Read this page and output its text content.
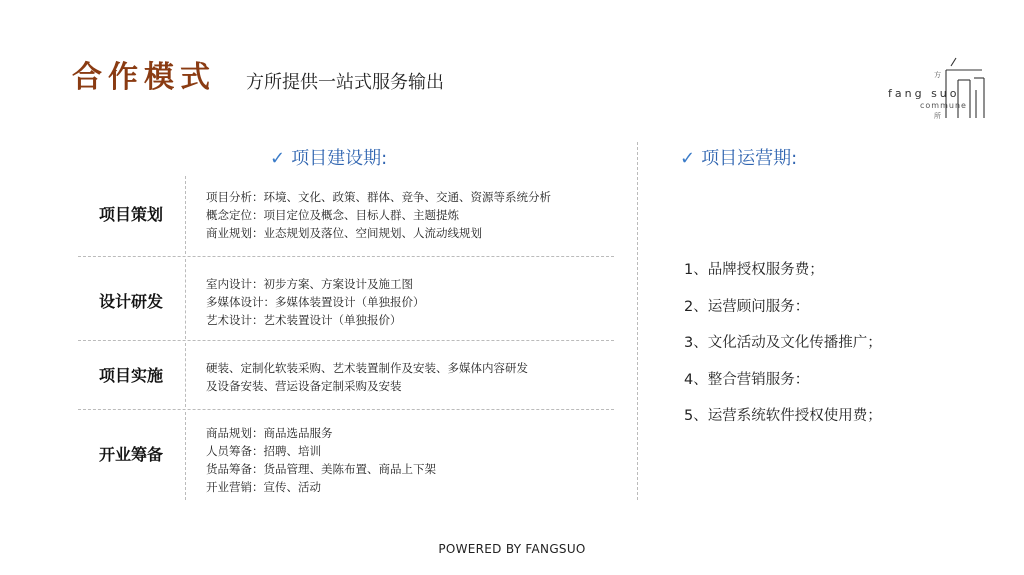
合作模式 方所提供一站式服务输出	方
fang suo
commune
所
✓ 项目建设期:	✓ 项目运营期:
项目策划
项目分析：环境、文化、政策、群体、竞争、交通、资源等系统分析
概念定位：项目定位及概念、目标人群、主题提炼
商业规划：业态规划及落位、空间规划、人流动线规划
设计研发
室内设计：初步方案、方案设计及施工图
多媒体设计：多媒体装置设计（单独报价）
艺术设计：艺术装置设计（单独报价）
项目实施	硬装、定制化软装采购、艺术装置制作及安装、多媒体内容研发
及设备安装、营运设备定制采购及安装
开业筹备
商品规划：商品选品服务
人员筹备：招聘、培训
货品筹备：货品管理、美陈布置、商品上下架
开业营销：宣传、活动
1、品牌授权服务费；
2、运营顾问服务：
3、文化活动及文化传播推广；
4、整合营销服务：
5、运营系统软件授权使用费；
POWERED BY FANGSUO
